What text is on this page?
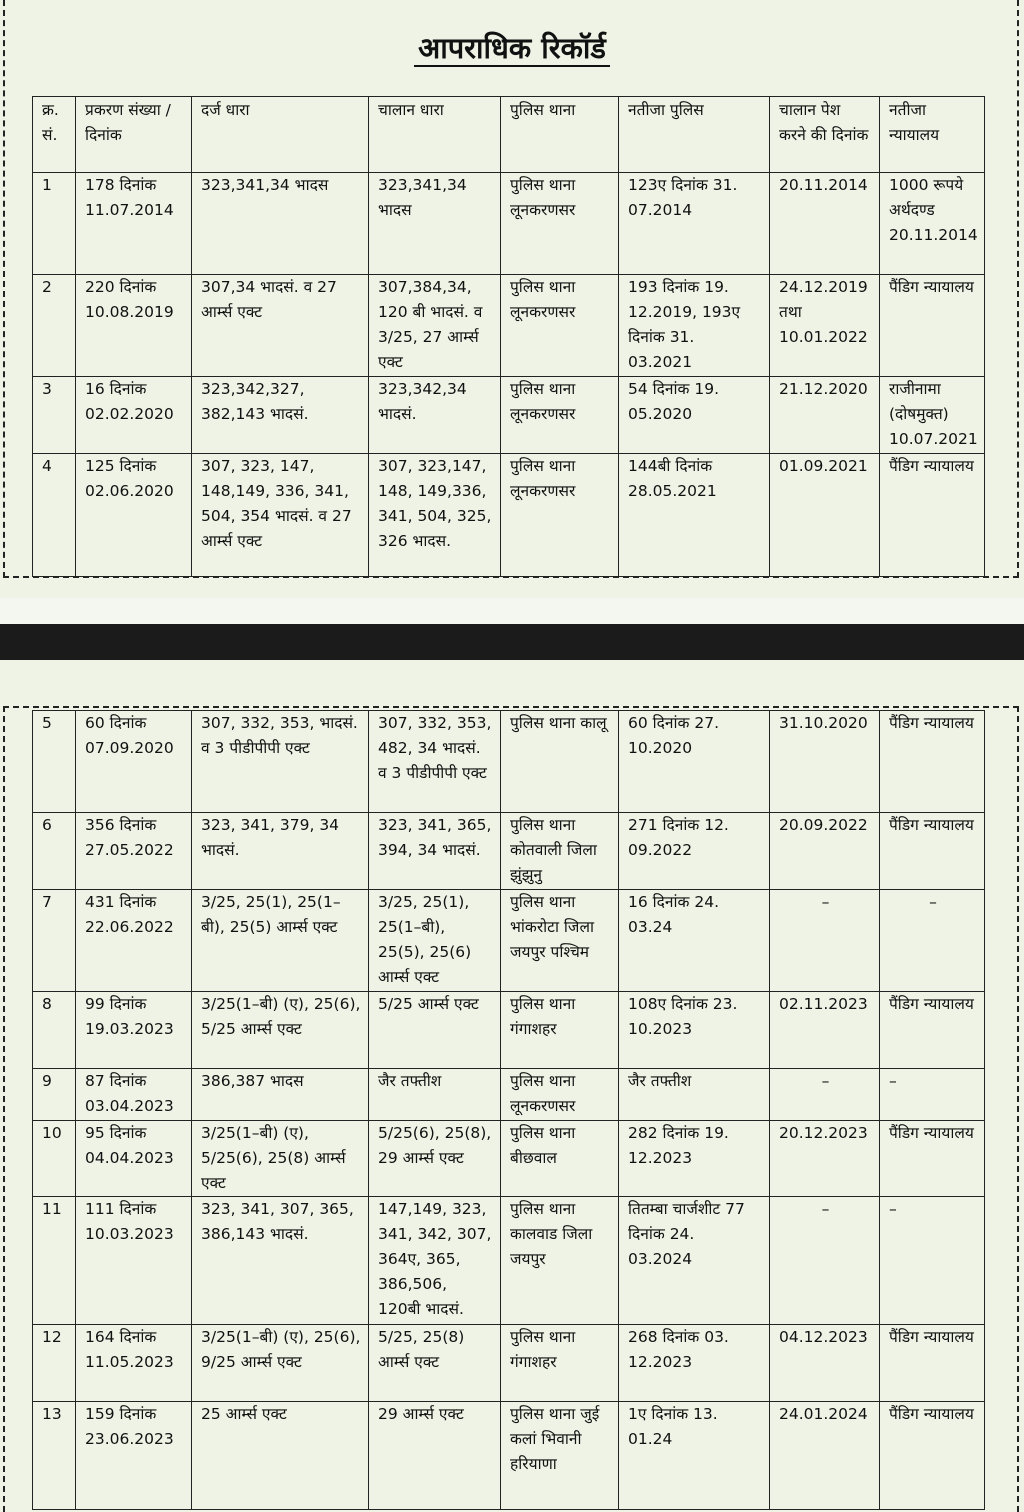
आपराधिक रिकॉर्ड
क्र. सं.	प्रकरण संख्या / दिनांक	दर्ज धारा	चालान धारा	पुलिस थाना	नतीजा पुलिस	चालान पेश करने की दिनांक	नतीजा न्यायालय
1	178 दिनांक 11.07.2014	323,341,34 भादस	323,341,34 भादस	पुलिस थाना लूनकरणसर	123ए दिनांक 31. 07.2014	20.11.2014	1000 रूपये अर्थदण्ड 20.11.2014
2	220 दिनांक 10.08.2019	307,34 भादसं. व 27 आर्म्स एक्ट	307,384,34, 120 बी भादसं. व 3/25, 27 आर्म्स एक्ट	पुलिस थाना लूनकरणसर	193 दिनांक 19. 12.2019, 193ए दिनांक 31. 03.2021	24.12.2019 तथा 10.01.2022	पैंडिग न्यायालय
3	16 दिनांक 02.02.2020	323,342,327, 382,143 भादसं.	323,342,34 भादसं.	पुलिस थाना लूनकरणसर	54 दिनांक 19. 05.2020	21.12.2020	राजीनामा (दोषमुक्त) 10.07.2021
4	125 दिनांक 02.06.2020	307, 323, 147, 148,149, 336, 341, 504, 354 भादसं. व 27 आर्म्स एक्ट	307, 323,147, 148, 149,336, 341, 504, 325, 326 भादस.	पुलिस थाना लूनकरणसर	144बी दिनांक 28.05.2021	01.09.2021	पैंडिग न्यायालय
5	60 दिनांक 07.09.2020	307, 332, 353, भादसं. व 3 पीडीपीपी एक्ट	307, 332, 353, 482, 34 भादसं. व 3 पीडीपीपी एक्ट	पुलिस थाना कालू	60 दिनांक 27. 10.2020	31.10.2020	पैंडिग न्यायालय
6	356 दिनांक 27.05.2022	323, 341, 379, 34 भादसं.	323, 341, 365, 394, 34 भादसं.	पुलिस थाना कोतवाली जिला झुंझुनु	271 दिनांक 12. 09.2022	20.09.2022	पैंडिग न्यायालय
7	431 दिनांक 22.06.2022	3/25, 25(1), 25(1–बी), 25(5) आर्म्स एक्ट	3/25, 25(1), 25(1–बी), 25(5), 25(6) आर्म्स एक्ट	पुलिस थाना भांकरोटा जिला जयपुर पश्चिम	16 दिनांक 24. 03.24	–	–
8	99 दिनांक 19.03.2023	3/25(1–बी) (ए), 25(6), 5/25 आर्म्स एक्ट	5/25 आर्म्स एक्ट	पुलिस थाना गंगाशहर	108ए दिनांक 23. 10.2023	02.11.2023	पैंडिग न्यायालय
9	87 दिनांक 03.04.2023	386,387 भादस	जैर तफ्तीश	पुलिस थाना लूनकरणसर	जैर तफ्तीश	–	–
10	95 दिनांक 04.04.2023	3/25(1–बी) (ए), 5/25(6), 25(8) आर्म्स एक्ट	5/25(6), 25(8), 29 आर्म्स एक्ट	पुलिस थाना बीछवाल	282 दिनांक 19. 12.2023	20.12.2023	पैंडिग न्यायालय
11	111 दिनांक 10.03.2023	323, 341, 307, 365, 386,143 भादसं.	147,149, 323, 341, 342, 307, 364ए, 365, 386,506, 120बी भादसं.	पुलिस थाना कालवाड जिला जयपुर	तितम्बा चार्जशीट 77 दिनांक 24. 03.2024	–	–
12	164 दिनांक 11.05.2023	3/25(1–बी) (ए), 25(6), 9/25 आर्म्स एक्ट	5/25, 25(8) आर्म्स एक्ट	पुलिस थाना गंगाशहर	268 दिनांक 03. 12.2023	04.12.2023	पैंडिग न्यायालय
13	159 दिनांक 23.06.2023	25 आर्म्स एक्ट	29 आर्म्स एक्ट	पुलिस थाना जुई कलां भिवानी हरियाणा	1ए दिनांक 13. 01.24	24.01.2024	पैंडिग न्यायालय
